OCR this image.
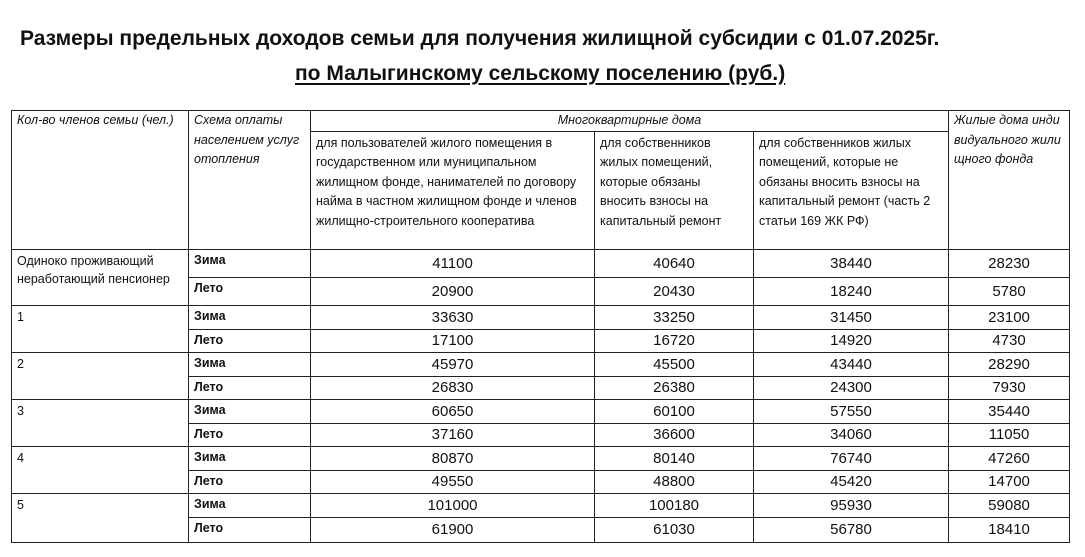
Размеры предельных доходов семьи для получения жилищной субсидии с 01.07.2025г.
по Малыгинскому сельскому поселению (руб.)
Кол-во членов семьи (чел.)	Схема оплаты населением услуг отопления	Многоквартирные дома			Жилые дома индивидуального жилищного фонда
		для пользователей жилого помещения в государственном или муниципальном жилищном фонде, нанимателей по договору найма в частном жилищном фонде и членов жилищно-строительного кооператива	для собственников жилых помещений, которые обязаны вносить взносы на капитальный ремонт	для собственников жилых помещений, которые не обязаны вносить взносы на капитальный ремонт (часть 2 статьи 169 ЖК РФ)	
Одиноко проживающий неработающий пенсионер	Зима	41100	40640	38440	28230
	Лето	20900	20430	18240	5780
1	Зима	33630	33250	31450	23100
	Лето	17100	16720	14920	4730
2	Зима	45970	45500	43440	28290
	Лето	26830	26380	24300	7930
3	Зима	60650	60100	57550	35440
	Лето	37160	36600	34060	11050
4	Зима	80870	80140	76740	47260
	Лето	49550	48800	45420	14700
5	Зима	101000	100180	95930	59080
	Лето	61900	61030	56780	18410
